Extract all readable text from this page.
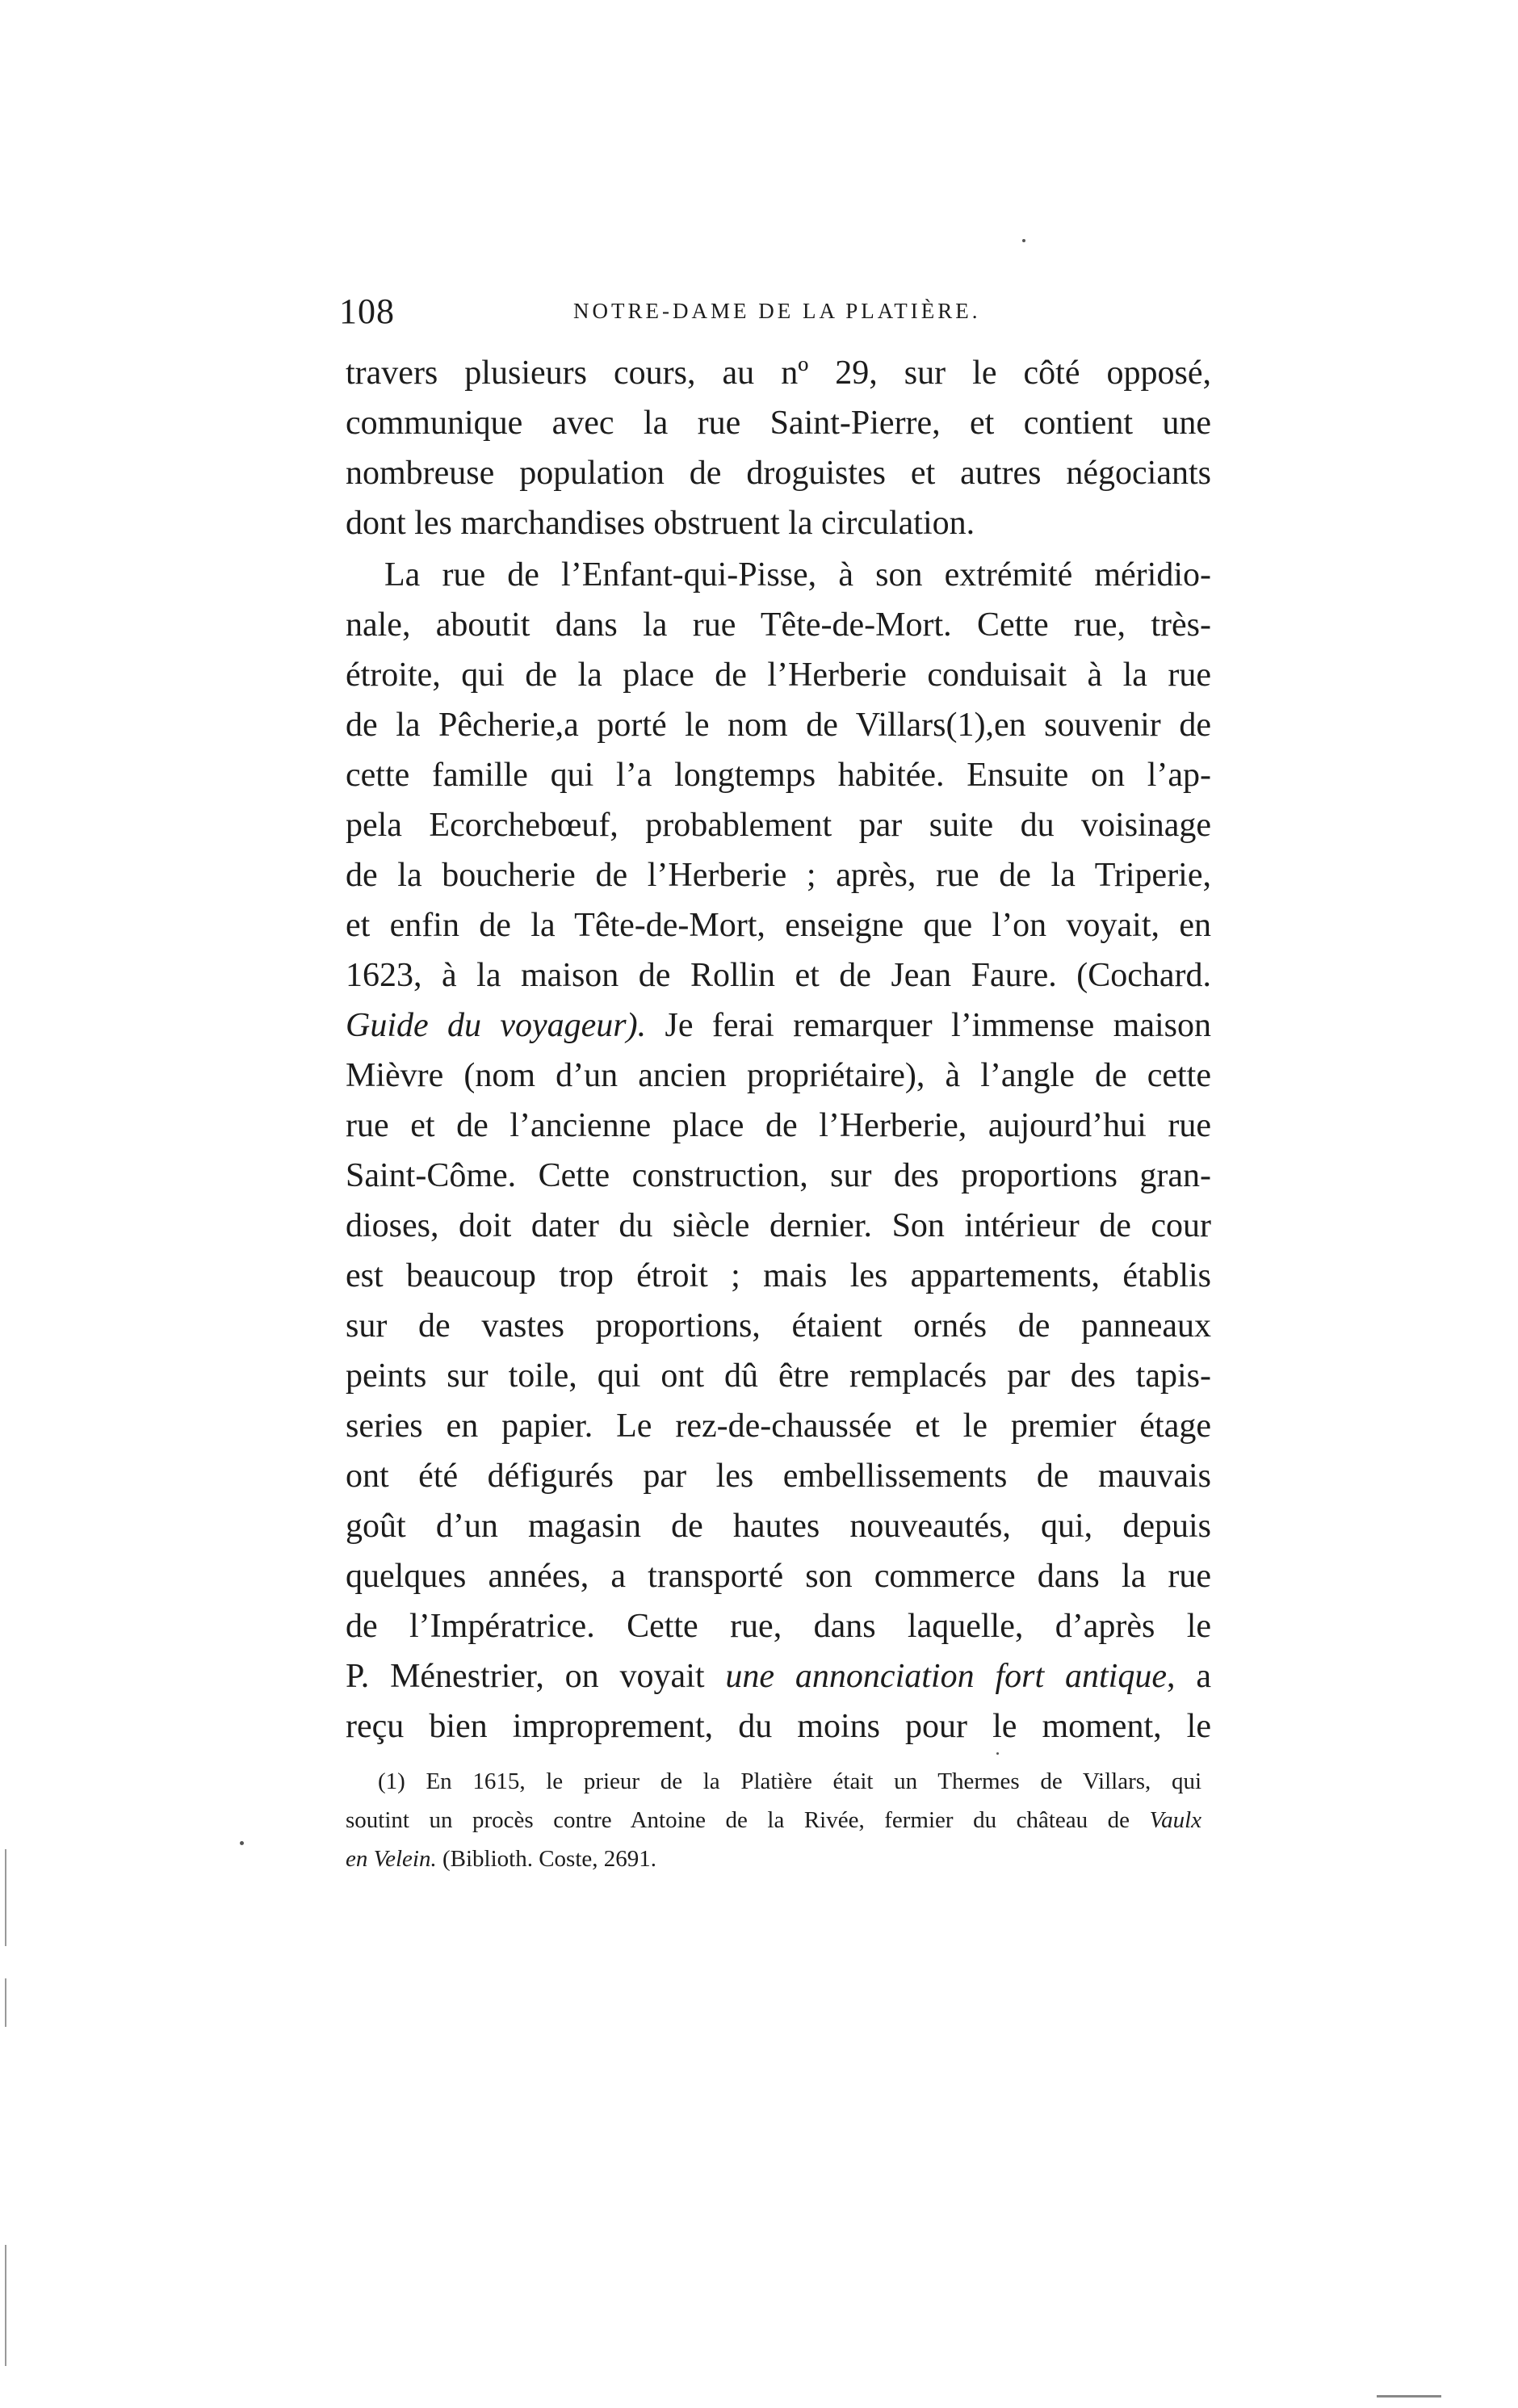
108	NOTRE-DAME DE LA PLATIÈRE.
travers plusieurs cours, au nº 29, sur le côté opposé,
communique avec la rue Saint-Pierre, et contient une
nombreuse population de droguistes et autres négociants
dont les marchandises obstruent la circulation.
La rue de l’Enfant-qui-Pisse, à son extrémité méridio-
nale, aboutit dans la rue Tête-de-Mort. Cette rue, très-
étroite, qui de la place de l’Herberie conduisait à la rue
de la Pêcherie,a porté le nom de Villars(1),en souvenir de
cette famille qui l’a longtemps habitée. Ensuite on l’ap-
pela Ecorchebœuf, probablement par suite du voisinage
de la boucherie de l’Herberie ; après, rue de la Triperie,
et enfin de la Tête-de-Mort, enseigne que l’on voyait, en
1623, à la maison de Rollin et de Jean Faure. (Cochard.
Guide du voyageur). Je ferai remarquer l’immense maison
Mièvre (nom d’un ancien propriétaire), à l’angle de cette
rue et de l’ancienne place de l’Herberie, aujourd’hui rue
Saint-Côme. Cette construction, sur des proportions gran-
dioses, doit dater du siècle dernier. Son intérieur de cour
est beaucoup trop étroit ; mais les appartements, établis
sur de vastes proportions, étaient ornés de panneaux
peints sur toile, qui ont dû être remplacés par des tapis-
series en papier. Le rez-de-chaussée et le premier étage
ont été défigurés par les embellissements de mauvais
goût d’un magasin de hautes nouveautés, qui, depuis
quelques années, a transporté son commerce dans la rue
de l’Impératrice. Cette rue, dans laquelle, d’après le
P. Ménestrier, on voyait une annonciation fort antique, a
reçu bien improprement, du moins pour le moment, le
(1) En 1615, le prieur de la Platière était un Thermes de Villars, qui
soutint un procès contre Antoine de la Rivée, fermier du château de Vaulx
en Velein. (Biblioth. Coste, 2691.
